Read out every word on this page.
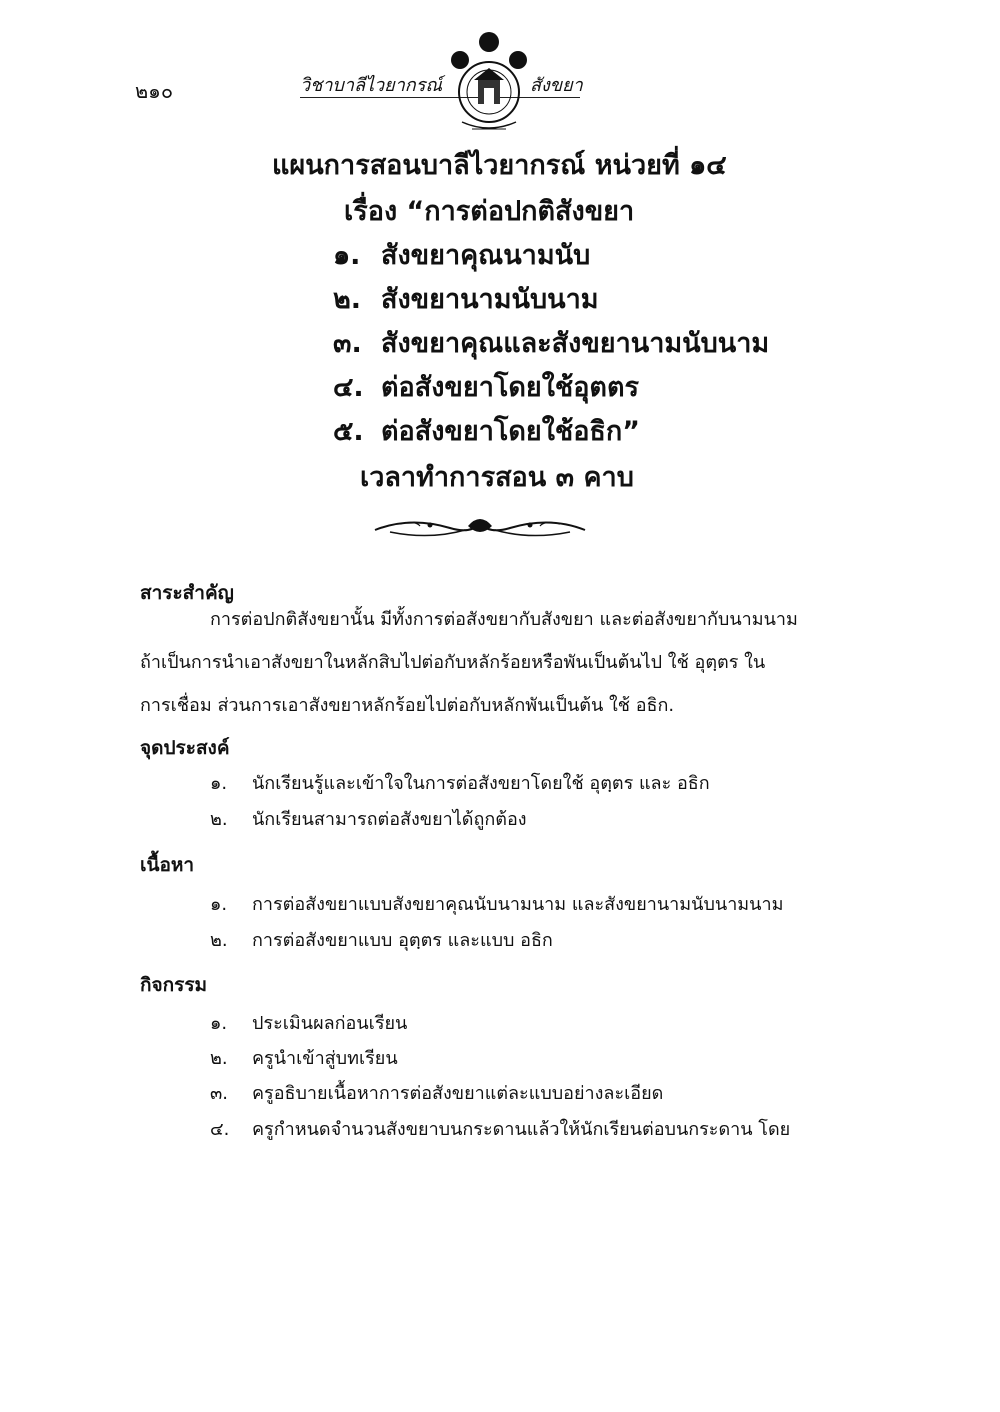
๒๑๐	วิชาบาลีไวยากรณ์	สังขยา
แผนการสอนบาลีไวยากรณ์ หน่วยที่ ๑๔
เรื่อง “การต่อปกติสังขยา
๑. สังขยาคุณนามนับ
๒. สังขยานามนับนาม
๓. สังขยาคุณและสังขยานามนับนาม
๔. ต่อสังขยาโดยใช้อุตตร
๕. ต่อสังขยาโดยใช้อธิก”
เวลาทำการสอน ๓ คาบ
สาระสำคัญ
การต่อปกติสังขยานั้น มีทั้งการต่อสังขยากับสังขยา และต่อสังขยากับนามนาม
ถ้าเป็นการนำเอาสังขยาในหลักสิบไปต่อกับหลักร้อยหรือพันเป็นต้นไป ใช้ อุตฺตร ใน
การเชื่อม ส่วนการเอาสังขยาหลักร้อยไปต่อกับหลักพันเป็นต้น ใช้ อธิก.
จุดประสงค์
๑. นักเรียนรู้และเข้าใจในการต่อสังขยาโดยใช้ อุตฺตร และ อธิก
๒. นักเรียนสามารถต่อสังขยาได้ถูกต้อง
เนื้อหา
๑. การต่อสังขยาแบบสังขยาคุณนับนามนาม และสังขยานามนับนามนาม
๒. การต่อสังขยาแบบ อุตฺตร และแบบ อธิก
กิจกรรม
๑. ประเมินผลก่อนเรียน
๒. ครูนำเข้าสู่บทเรียน
๓. ครูอธิบายเนื้อหาการต่อสังขยาแต่ละแบบอย่างละเอียด
๔. ครูกำหนดจำนวนสังขยาบนกระดานแล้วให้นักเรียนต่อบนกระดาน โดย
